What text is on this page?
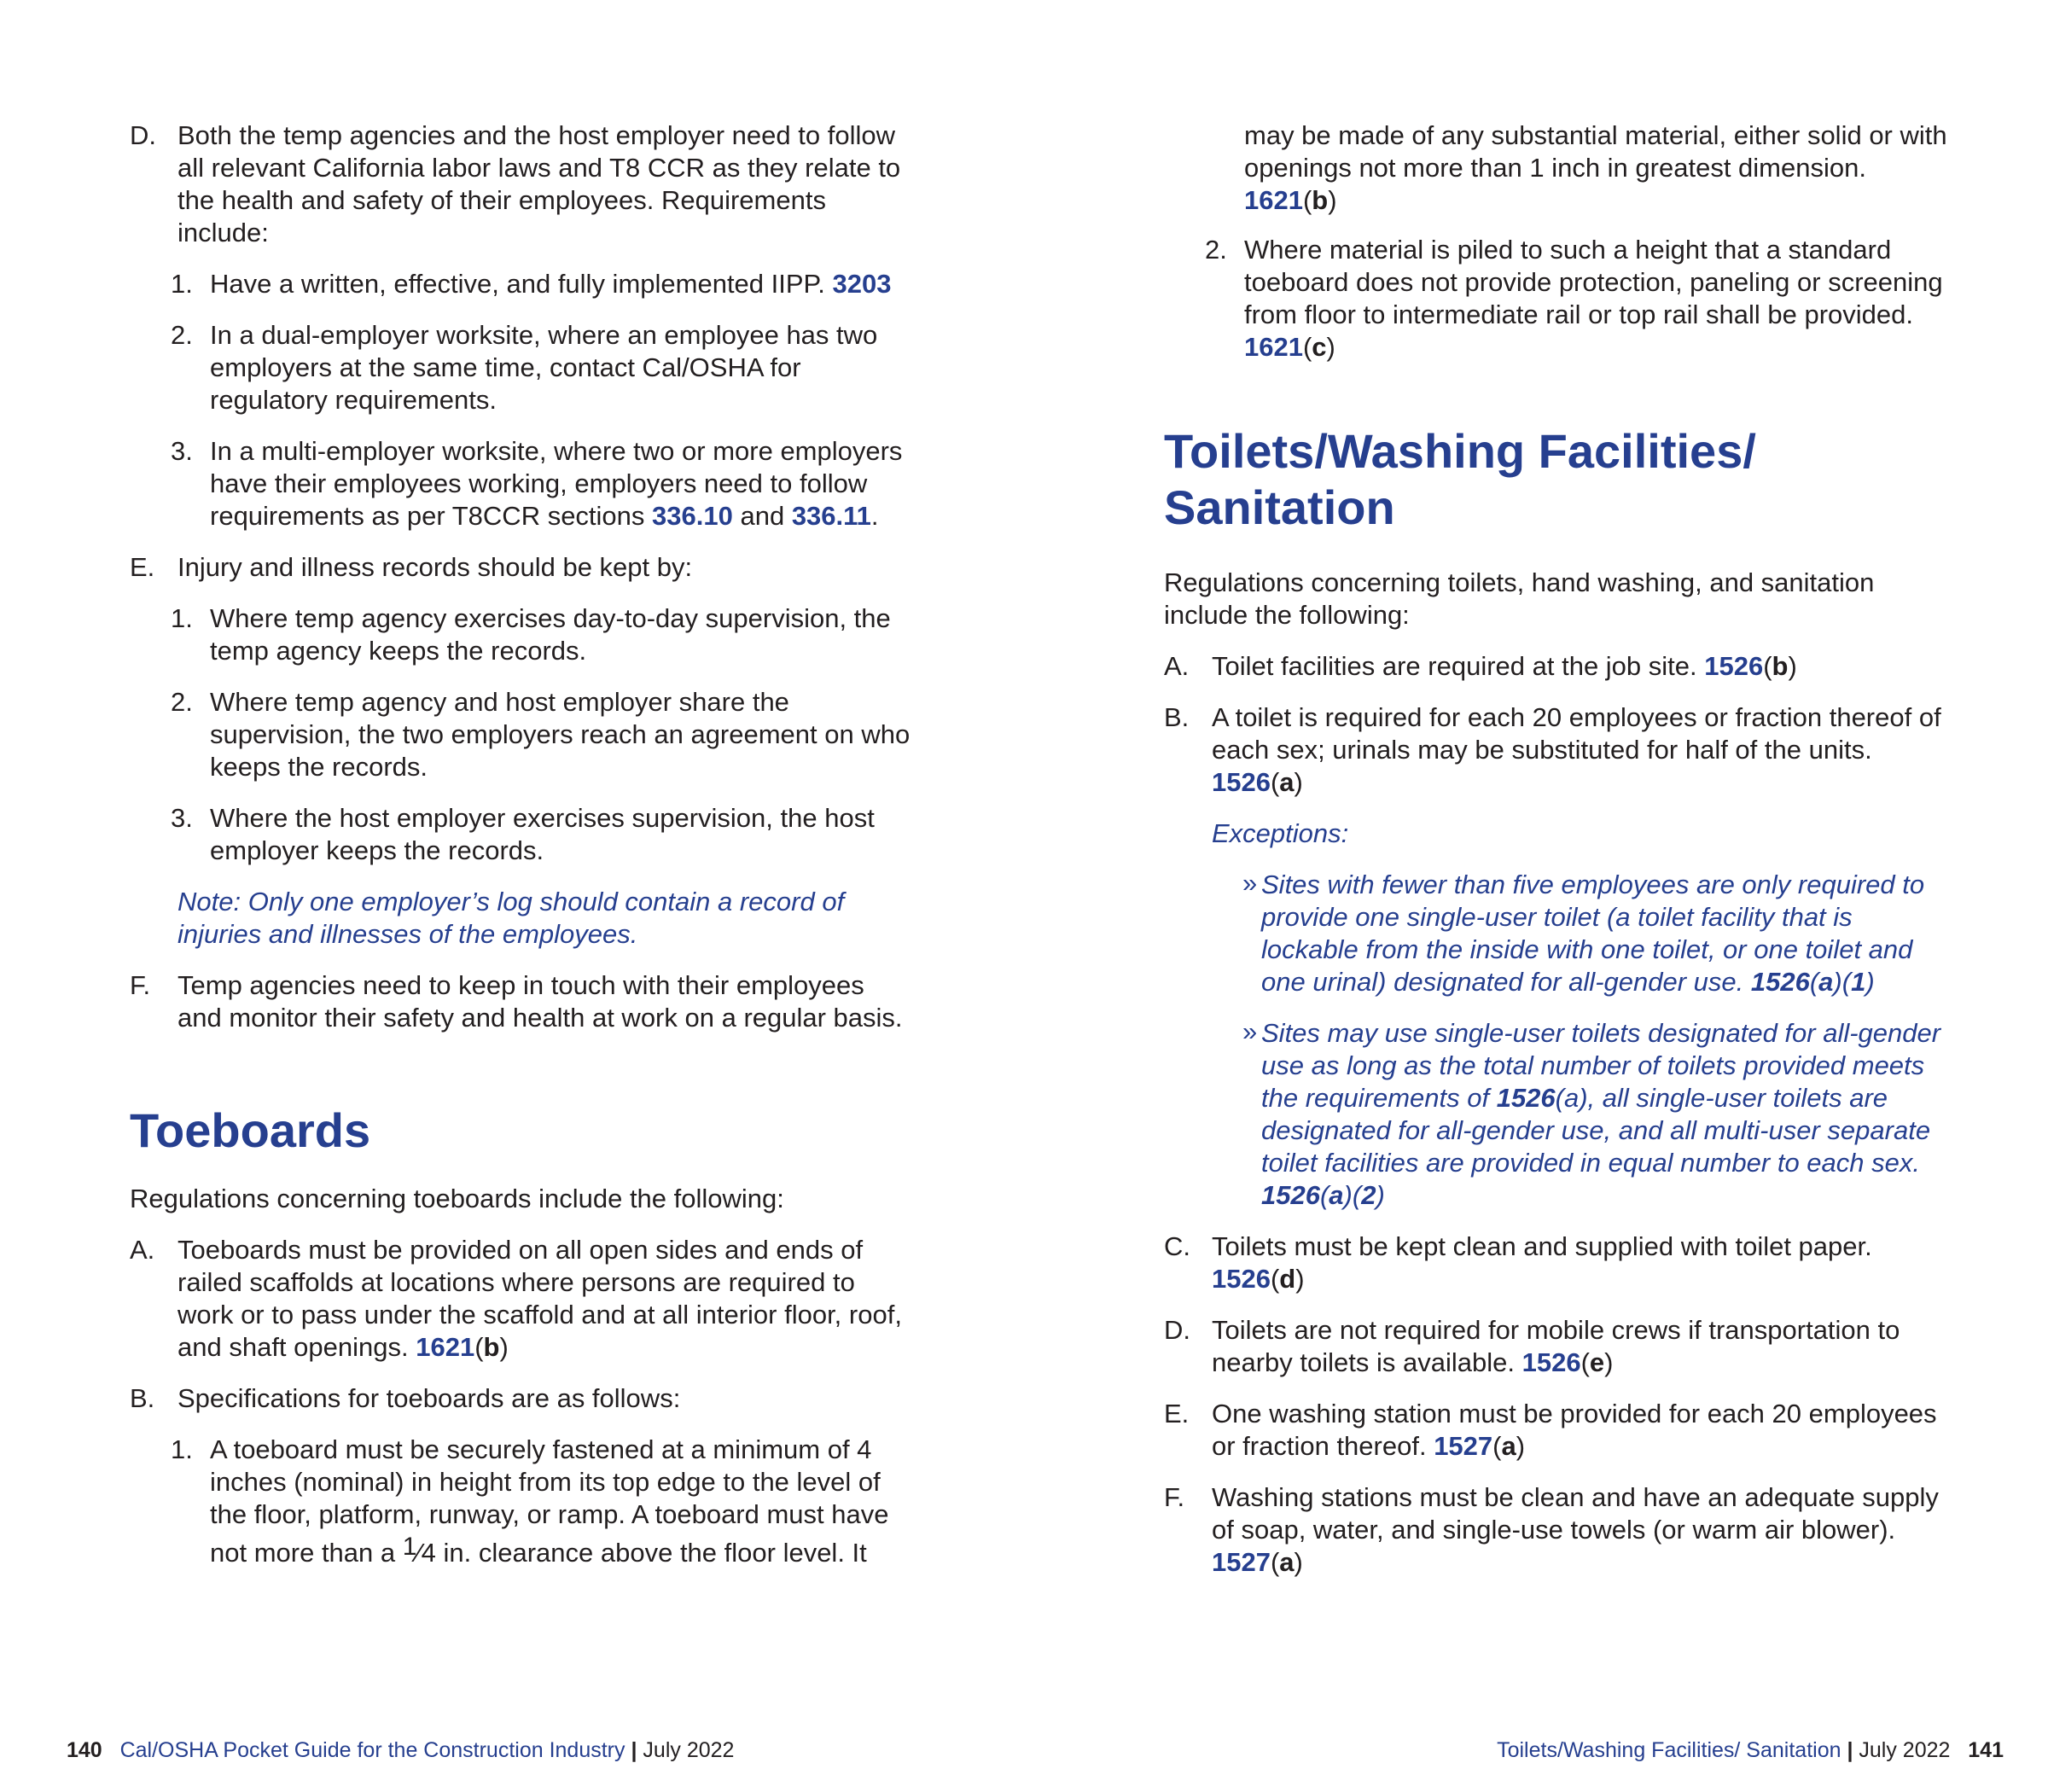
D. Both the temp agencies and the host employer need to follow all relevant California labor laws and T8 CCR as they relate to the health and safety of their employees. Requirements include:
1. Have a written, effective, and fully implemented IIPP. 3203
2. In a dual-employer worksite, where an employee has two employers at the same time, contact Cal/OSHA for regulatory requirements.
3. In a multi-employer worksite, where two or more employers have their employees working, employers need to follow requirements as per T8CCR sections 336.10 and 336.11.
E. Injury and illness records should be kept by:
1. Where temp agency exercises day-to-day supervision, the temp agency keeps the records.
2. Where temp agency and host employer share the supervision, the two employers reach an agreement on who keeps the records.
3. Where the host employer exercises supervision, the host employer keeps the records.
Note: Only one employer’s log should contain a record of injuries and illnesses of the employees.
F. Temp agencies need to keep in touch with their employees and monitor their safety and health at work on a regular basis.
Toeboards

Regulations concerning toeboards include the following:

A. Toeboards must be provided on all open sides and ends of railed scaffolds at locations where persons are required to work or to pass under the scaffold and at all interior floor, roof, and shaft openings. 1621(b)
B. Specifications for toeboards are as follows:
1. A toeboard must be securely fastened at a minimum of 4 inches (nominal) in height from its top edge to the level of the floor, platform, runway, or ramp. A toeboard must have not more than a $^1$⁄4 in. clearance above the floor level. It
140 Cal/OSHA Pocket Guide for the Construction Industry | July 2022
may be made of any substantial material, either solid or with openings not more than 1 inch in greatest dimension. 1621(b)
2. Where material is piled to such a height that a standard toeboard does not provide protection, paneling or screening from floor to intermediate rail or top rail shall be provided. 1621(c)
Toilets/Washing Facilities/
Sanitation

Regulations concerning toilets, hand washing, and sanitation include the following:

A. Toilet facilities are required at the job site. 1526(b)
B. A toilet is required for each 20 employees or fraction thereof of each sex; urinals may be substituted for half of the units. 1526(a)
Exceptions:
» Sites with fewer than five employees are only required to provide one single-user toilet (a toilet facility that is lockable from the inside with one toilet, or one toilet and one urinal) designated for all-gender use. 1526(a)(1)
» Sites may use single-user toilets designated for all-gender use as long as the total number of toilets provided meets the requirements of 1526(a), all single-user toilets are designated for all-gender use, and all multi-user separate toilet facilities are provided in equal number to each sex. 1526(a)(2)
C. Toilets must be kept clean and supplied with toilet paper. 1526(d)
D. Toilets are not required for mobile crews if transportation to nearby toilets is available. 1526(e)
E. One washing station must be provided for each 20 employees or fraction thereof. 1527(a)
F. Washing stations must be clean and have an adequate supply of soap, water, and single-use towels (or warm air blower). 1527(a)
Toilets/Washing Facilities/ Sanitation | July 2022 141
